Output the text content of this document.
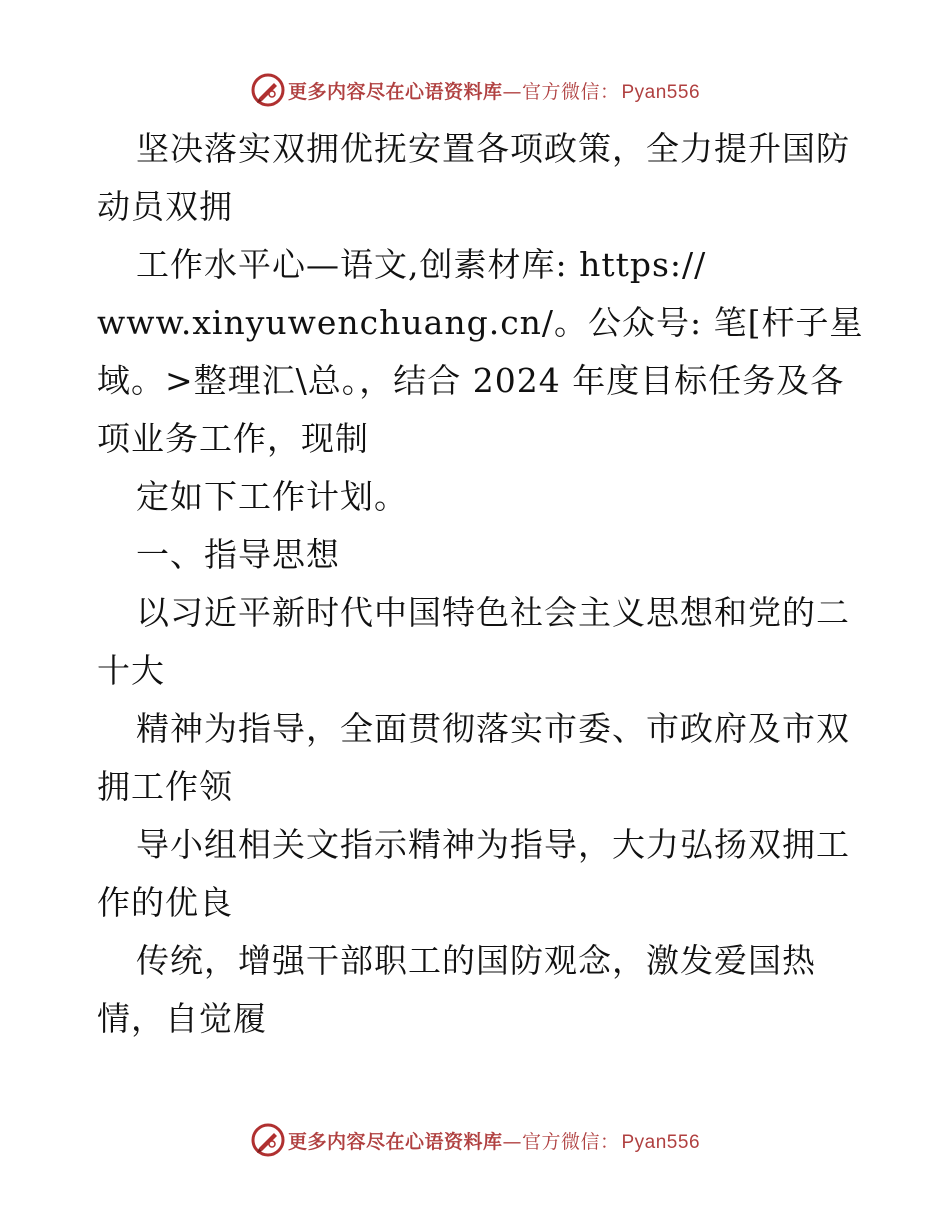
更多内容尽在心语资料库—官方微信： Pyan556
坚决落实双拥优抚安置各项政策，全力提升国防
动员双拥
工作水平心—语文,创素材库: https://
www.xinyuwenchuang.cn/。公众号: 笔[杆子星
域。>整理汇\总。，结合 2024 年度目标任务及各
项业务工作，现制
定如下工作计划。
一、指导思想
以习近平新时代中国特色社会主义思想和党的二
十大
精神为指导，全面贯彻落实市委、市政府及市双
拥工作领
导小组相关文指示精神为指导，大力弘扬双拥工
作的优良
传统，增强干部职工的国防观念，激发爱国热
情，自觉履
更多内容尽在心语资料库—官方微信： Pyan556
